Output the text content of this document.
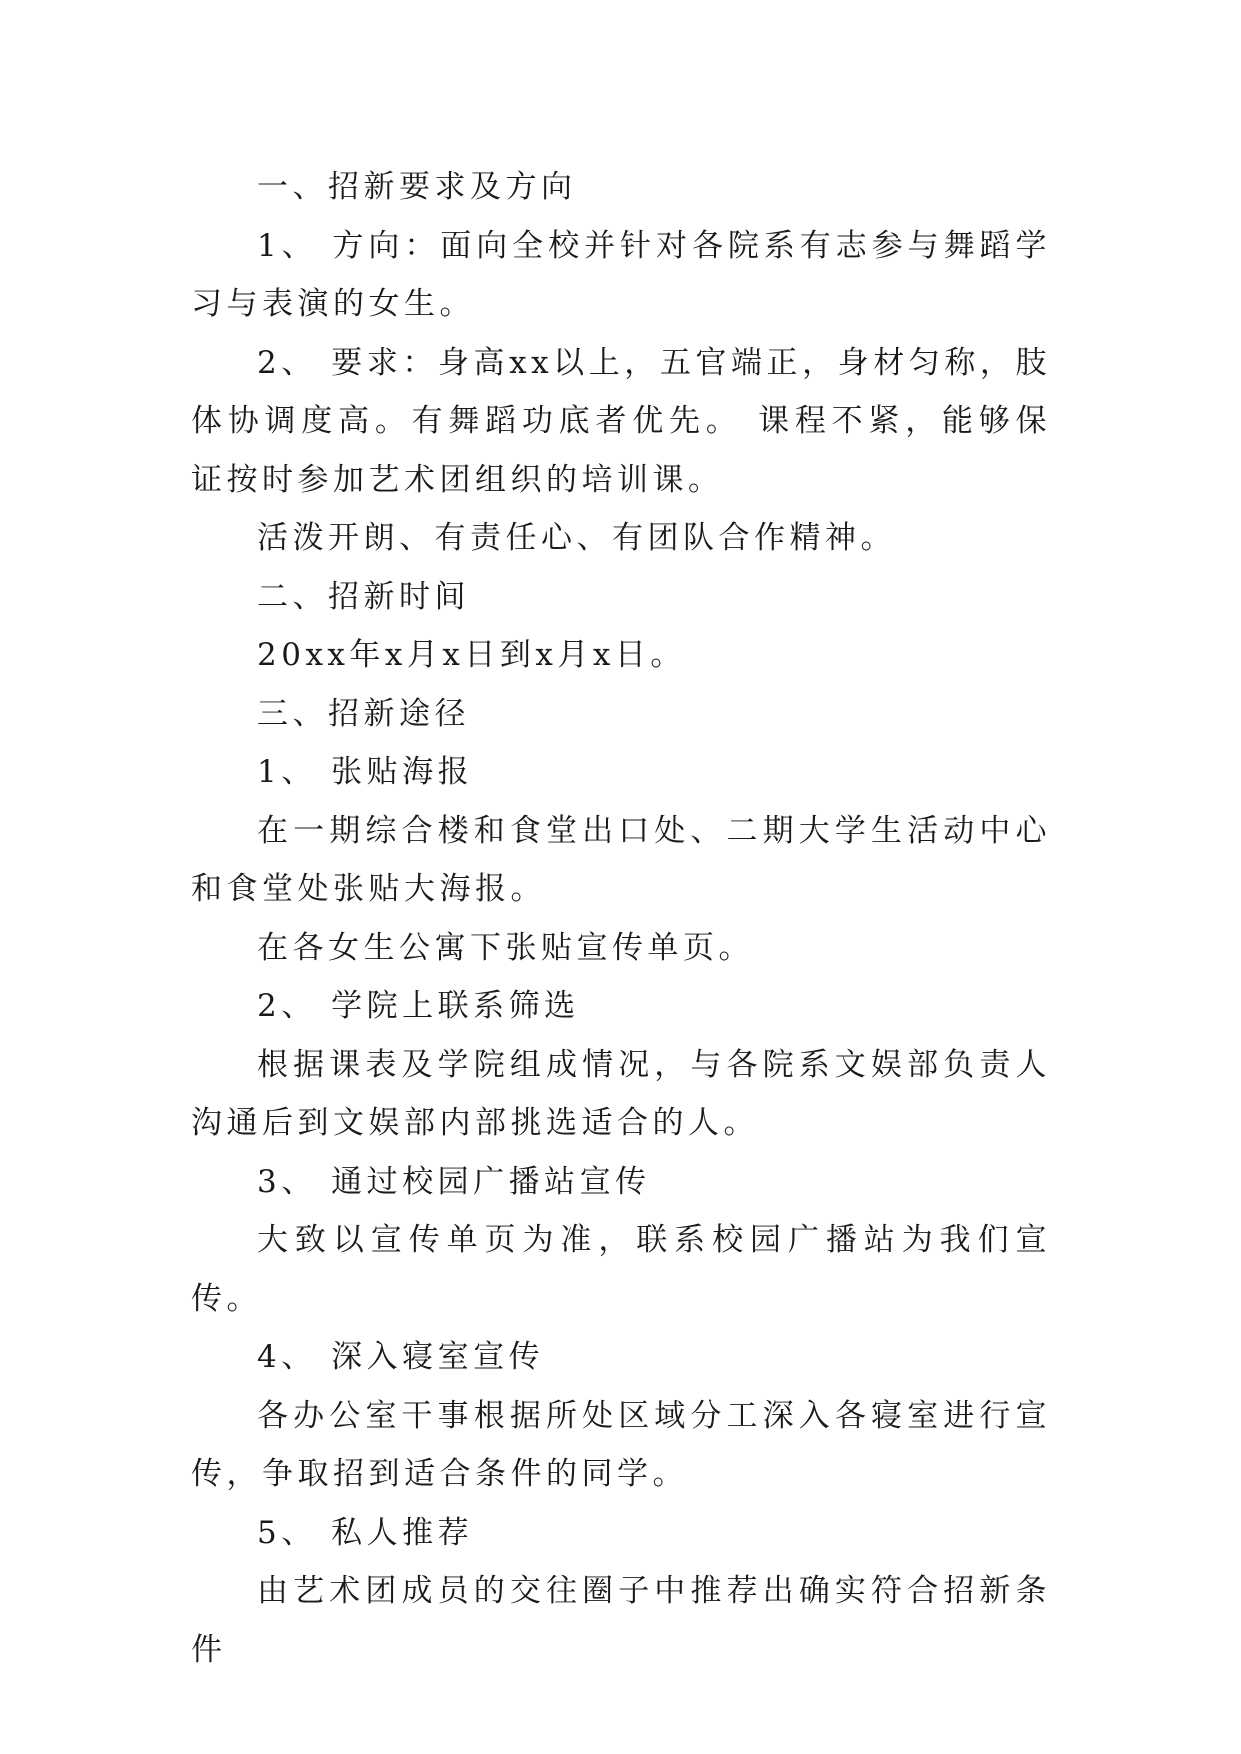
一、招新要求及方向

1、 方向：面向全校并针对各院系有志参与舞蹈学习与表演的女生。

2、 要求：身高xx以上，五官端正，身材匀称，肢体协调度高。有舞蹈功底者优先。 课程不紧，能够保证按时参加艺术团组织的培训课。

活泼开朗、有责任心、有团队合作精神。

二、招新时间

20xx年x月x日到x月x日。

三、招新途径

1、 张贴海报

在一期综合楼和食堂出口处、二期大学生活动中心和食堂处张贴大海报。

在各女生公寓下张贴宣传单页。

2、 学院上联系筛选

根据课表及学院组成情况，与各院系文娱部负责人沟通后到文娱部内部挑选适合的人。

3、 通过校园广播站宣传

大致以宣传单页为准，联系校园广播站为我们宣传。

4、 深入寝室宣传

各办公室干事根据所处区域分工深入各寝室进行宣传，争取招到适合条件的同学。

5、 私人推荐

由艺术团成员的交往圈子中推荐出确实符合招新条件
